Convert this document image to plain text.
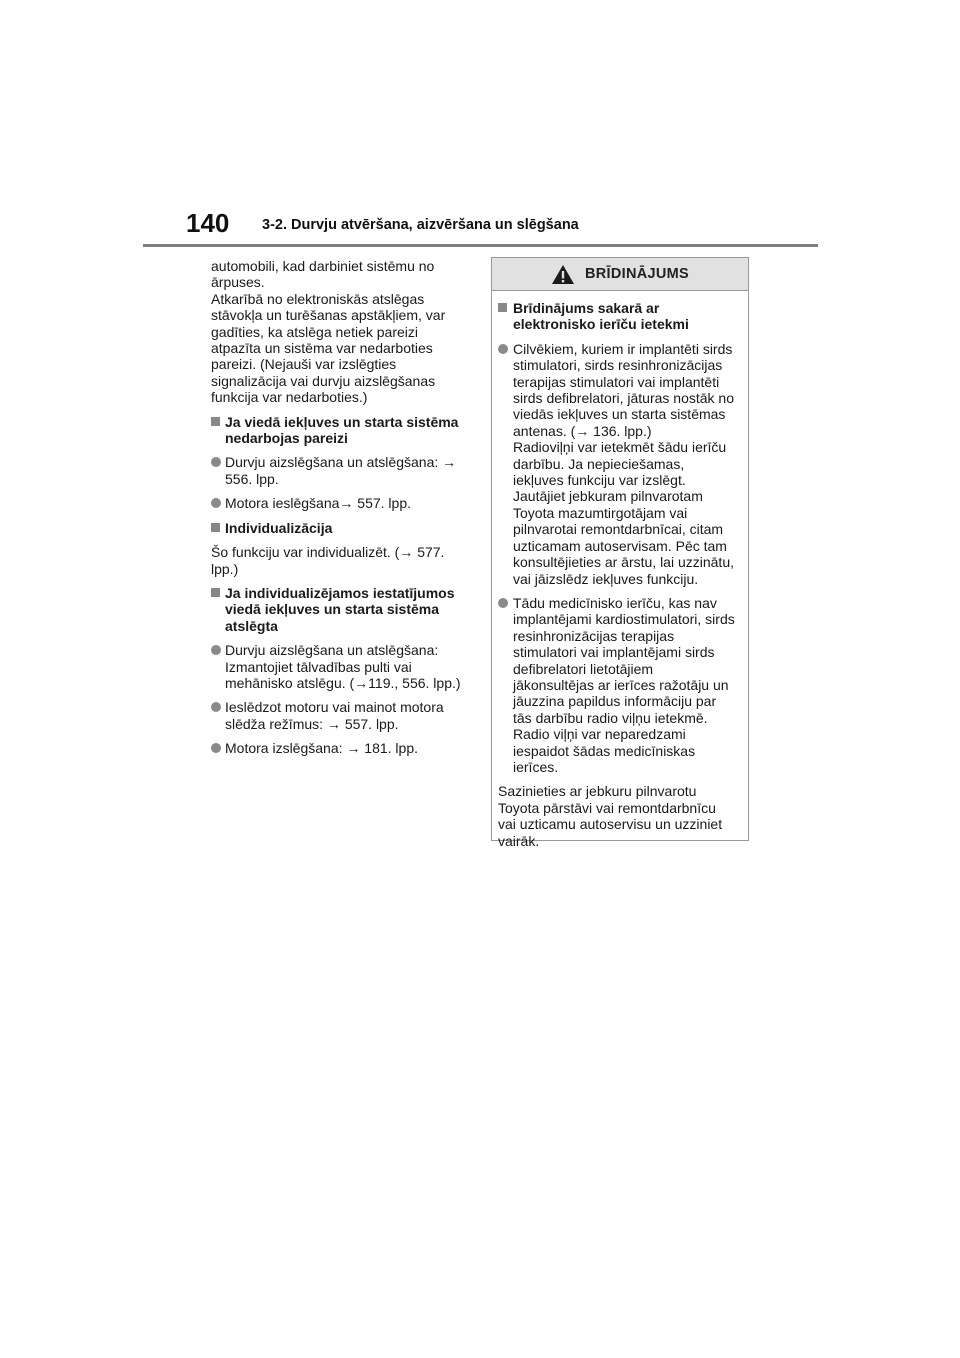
140 3-2. Durvju atvēršana, aizvēršana un slēgšana

automobili, kad darbiniet sistēmu no
ārpuses.
Atkarībā no elektroniskās atslēgas
stāvokļa un turēšanas apstākļiem, var
gadīties, ka atslēga netiek pareizi
atpazīta un sistēma var nedarboties
pareizi. (Nejauši var izslēgties
signalizācija vai durvju aizslēgšanas
funkcija var nedarboties.)

Ja viedā iekļuves un starta sistēma
nedarbojas pareizi
Durvju aizslēgšana un atslēgšana: →
556. lpp.
Motora ieslēgšana→ 557. lpp.
Individualizācija

Šo funkciju var individualizēt. (→ 577.
lpp.)

Ja individualizējamos iestatījumos
viedā iekļuves un starta sistēma
atslēgta
Durvju aizslēgšana un atslēgšana:
Izmantojiet tālvadības pulti vai
mehānisko atslēgu. (→119., 556. lpp.)
Ieslēdzot motoru vai mainot motora
slēdža režīmus: → 557. lpp.
Motora izslēgšana: → 181. lpp.
BRĪDINĀJUMS
Brīdinājums sakarā ar
elektronisko ierīču ietekmi
Cilvēkiem, kuriem ir implantēti sirds
stimulatori, sirds resinhronizācijas
terapijas stimulatori vai implantēti
sirds defibrelatori, jāturas nostāk no
viedās iekļuves un starta sistēmas
antenas. (→ 136. lpp.)
Radioviļņi var ietekmēt šādu ierīču
darbību. Ja nepieciešamas,
iekļuves funkciju var izslēgt.
Jautājiet jebkuram pilnvarotam
Toyota mazumtirgotājam vai
pilnvarotai remontdarbnīcai, citam
uzticamam autoservisam. Pēc tam
konsultējieties ar ārstu, lai uzzinātu,
vai jāizslēdz iekļuves funkciju.
Tādu medicīnisko ierīču, kas nav
implantējami kardiostimulatori, sirds
resinhronizācijas terapijas
stimulatori vai implantējami sirds
defibrelatori lietotājiem
jākonsultējas ar ierīces ražotāju un
jāuzzina papildus informāciju par
tās darbību radio viļņu ietekmē.
Radio viļņi var neparedzami
iespaidot šādas medicīniskas
ierīces.

Sazinieties ar jebkuru pilnvarotu
Toyota pārstāvi vai remontdarbnīcu
vai uzticamu autoservisu un uzziniet
vairāk.
